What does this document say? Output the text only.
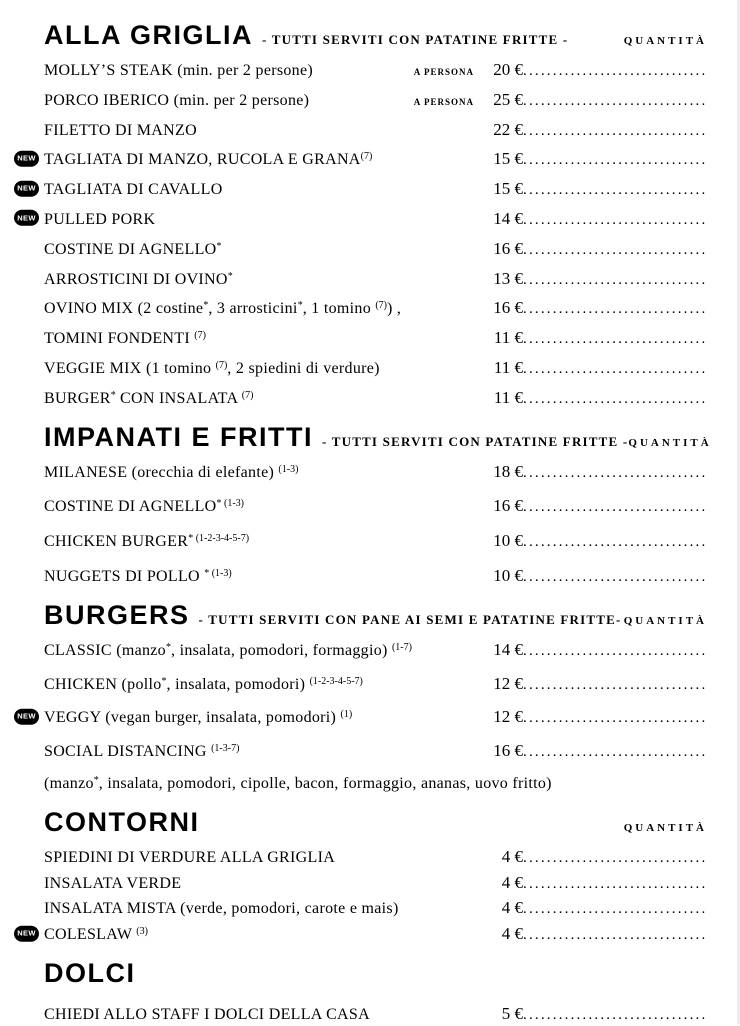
ALLA GRIGLIA - TUTTI SERVITI CON PATATINE FRITTE -	QUANTITÀ
MOLLY’S STEAK (min. per 2 persone)	A PERSONA	20 €
.....
PORCO IBERICO (min. per 2 persone)	A PERSONA	25 €
.....
FILETTO DI MANZO	22 €
.....
NEW TAGLIATA DI MANZO, RUCOLA E GRANA$^{(7)}$	15 €
.....
NEW TAGLIATA DI CAVALLO	15 €
.....
NEW PULLED PORK	14 €
.....
COSTINE DI AGNELLO*	16 €
.....
ARROSTICINI DI OVINO*	13 €
.....
OVINO MIX (2 costine*, 3 arrosticini*, 1 tomino $^{(7)}$) ,	16 €
.....
TOMINI FONDENTI $^{(7)}$	11 €
.....
VEGGIE MIX (1 tomino $^{(7)}$, 2 spiedini di verdure)	11 €
.....
BURGER* CON INSALATA $^{(7)}$	11 €
.....
IMPANATI E FRITTI - TUTTI SERVITI CON PATATINE FRITTE - QUANTITÀ
MILANESE (orecchia di elefante) $^{(1-3)}$	18 €
.....
COSTINE DI AGNELLO$^{* (1-3)}$	16 €
.....
CHICKEN BURGER$^{* (1-2-3-4-5-7)}$	10 €
.....
NUGGETS DI POLLO $^{* (1-3)}$	10 €
.....
BURGERS - TUTTI SERVITI CON PANE AI SEMI E PATATINE FRITTE- QUANTITÀ
CLASSIC (manzo*, insalata, pomodori, formaggio) $^{(1-7)}$	14 €
.....
CHICKEN (pollo*, insalata, pomodori) $^{(1-2-3-4-5-7)}$	12 €
.....
NEW VEGGY (vegan burger, insalata, pomodori) $^{(1)}$	12 €
.....
SOCIAL DISTANCING $^{(1-3-7)}$	16 €
.....
(manzo*, insalata, pomodori, cipolle, bacon, formaggio, ananas, uovo fritto)
CONTORNI	QUANTITÀ
SPIEDINI DI VERDURE ALLA GRIGLIA	4 €
.....
INSALATA VERDE	4 €
.....
INSALATA MISTA (verde, pomodori, carote e mais)	4 €
.....
NEW COLESLAW $^{(3)}$	4 €
.....
DOLCI
CHIEDI ALLO STAFF I DOLCI DELLA CASA	5 €
.....
